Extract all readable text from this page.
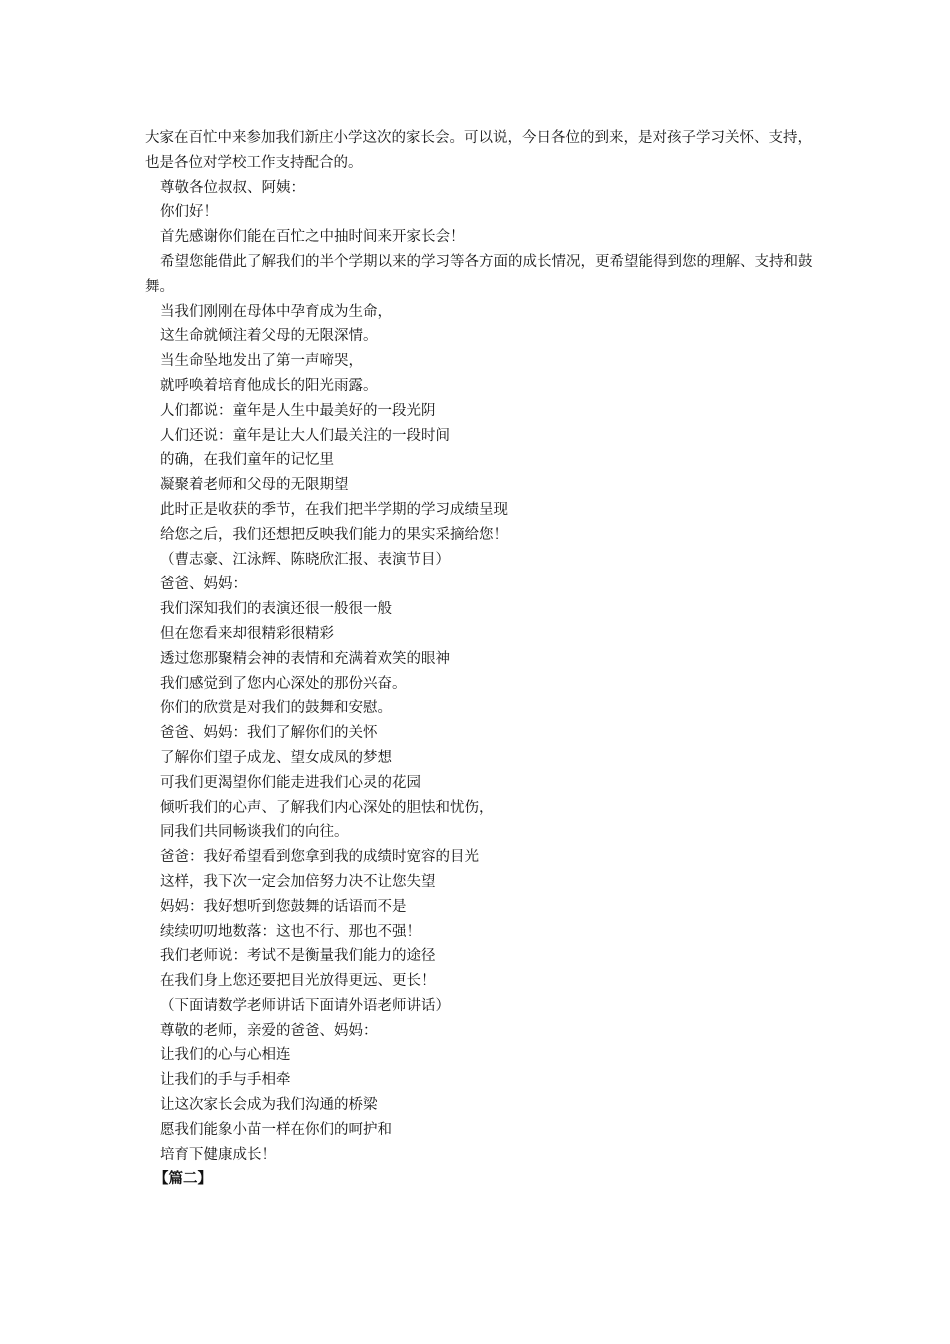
大家在百忙中来参加我们新庄小学这次的家长会。可以说，今日各位的到来，是对孩子学习关怀、支持，也是各位对学校工作支持配合的。

尊敬各位叔叔、阿姨：

你们好！

首先感谢你们能在百忙之中抽时间来开家长会！

希望您能借此了解我们的半个学期以来的学习等各方面的成长情况，更希望能得到您的理解、支持和鼓舞。

当我们刚刚在母体中孕育成为生命，

这生命就倾注着父母的无限深情。

当生命坠地发出了第一声啼哭，

就呼唤着培育他成长的阳光雨露。

人们都说：童年是人生中最美好的一段光阴

人们还说：童年是让大人们最关注的一段时间

的确，在我们童年的记忆里

凝聚着老师和父母的无限期望

此时正是收获的季节，在我们把半学期的学习成绩呈现

给您之后，我们还想把反映我们能力的果实采摘给您！

（曹志豪、江泳辉、陈晓欣汇报、表演节目）

爸爸、妈妈：

我们深知我们的表演还很一般很一般

但在您看来却很精彩很精彩

透过您那聚精会神的表情和充满着欢笑的眼神

我们感觉到了您内心深处的那份兴奋。

你们的欣赏是对我们的鼓舞和安慰。

爸爸、妈妈：我们了解你们的关怀

了解你们望子成龙、望女成凤的梦想

可我们更渴望你们能走进我们心灵的花园

倾听我们的心声、了解我们内心深处的胆怯和忧伤，

同我们共同畅谈我们的向往。

爸爸：我好希望看到您拿到我的成绩时宽容的目光

这样，我下次一定会加倍努力决不让您失望

妈妈：我好想听到您鼓舞的话语而不是

续续叨叨地数落：这也不行、那也不强！

我们老师说：考试不是衡量我们能力的途径

在我们身上您还要把目光放得更远、更长！

（下面请数学老师讲话下面请外语老师讲话）

尊敬的老师，亲爱的爸爸、妈妈：

让我们的心与心相连

让我们的手与手相牵

让这次家长会成为我们沟通的桥梁

愿我们能象小苗一样在你们的呵护和

培育下健康成长！

【篇二】
